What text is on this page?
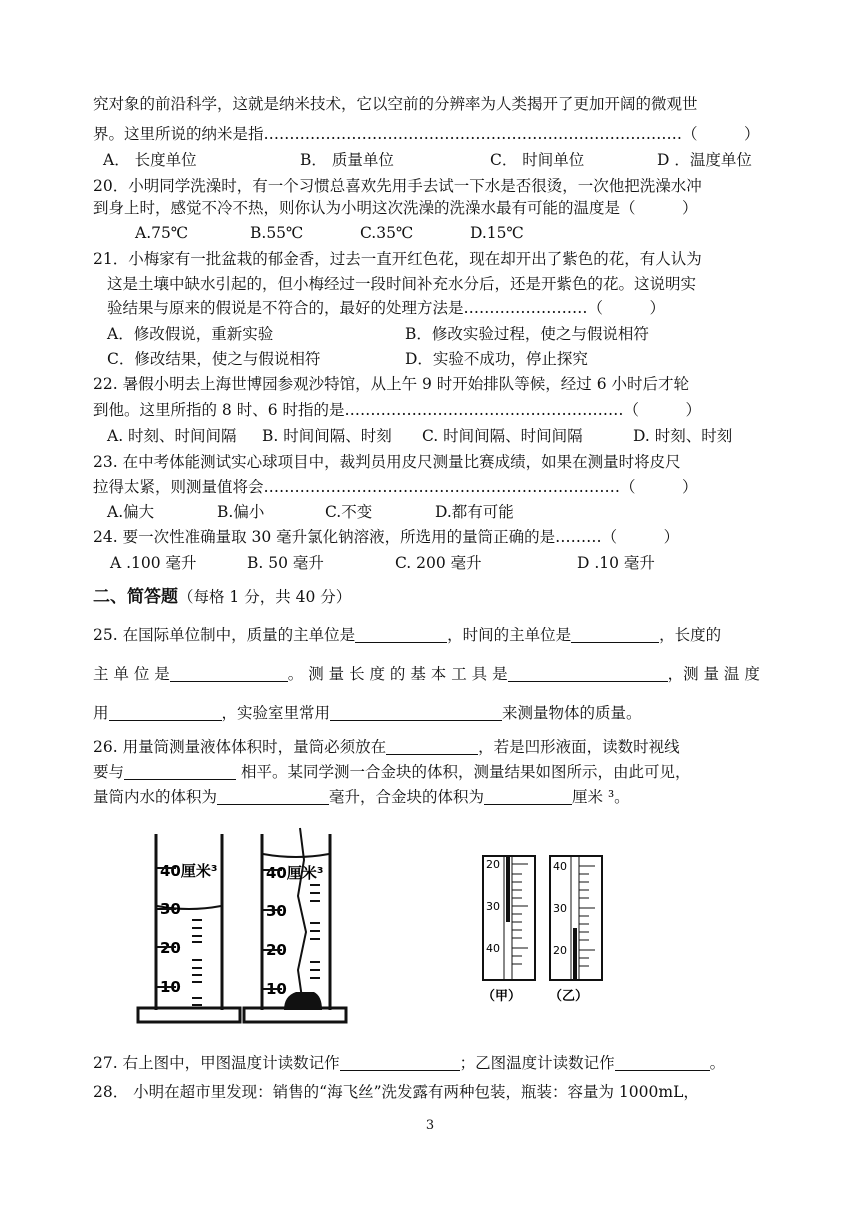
究对象的前沿科学，这就是纳米技术，它以空前的分辨率为人类揭开了更加开阔的微观世
界。这里所说的纳米是指………………………………………………………………………（　　　）
A． 长度单位	B． 质量单位	C． 时间单位	D ．温度单位
20．小明同学洗澡时，有一个习惯总喜欢先用手去试一下水是否很烫，一次他把洗澡水冲
到身上时，感觉不冷不热，则你认为小明这次洗澡的洗澡水最有可能的温度是（　　　）
A.75℃	B.55℃	C.35℃	D.15℃
21．小梅家有一批盆栽的郁金香，过去一直开红色花，现在却开出了紫色的花，有人认为
这是土壤中缺水引起的，但小梅经过一段时间补充水分后，还是开紫色的花。这说明实
验结果与原来的假说是不符合的，最好的处理方法是……………………（　　　）
A．修改假说，重新实验	B．修改实验过程，使之与假说相符
C．修改结果，使之与假说相符	D．实验不成功，停止探究
22. 暑假小明去上海世博园参观沙特馆，从上午 9 时开始排队等候，经过 6 小时后才轮
到他。这里所指的 8 时、6 时指的是………………………………………………（　　　）
A. 时刻、时间间隔 B. 时间间隔、时刻 C. 时间间隔、时间间隔	D. 时刻、时刻
23. 在中考体能测试实心球项目中，裁判员用皮尺测量比赛成绩，如果在测量时将皮尺
拉得太紧，则测量值将会……………………………………………………………（　　　）
A.偏大	B.偏小	C.不变	D.都有可能
24. 要一次性准确量取 30 毫升氯化钠溶液，所选用的量筒正确的是………（　　　）
A .100 毫升	B. 50 毫升	C. 200 毫升	D .10 毫升
二、简答题（每格 1 分，共 40 分）
25. 在国际单位制中，质量的主单位是	，时间的主单位是	，长度的
主 单 位 是	。 测 量 长 度 的 基 本 工 具 是	，测 量 温 度
用	，实验室里常用	来测量物体的质量。
26. 用量筒测量液体体积时，量筒必须放在	，若是凹形液面，读数时视线
要与	相平。某同学测一合金块的体积，测量结果如图所示，由此可见，
量筒内水的体积为	毫升，合金块的体积为	厘米 ³。
40厘米³
30
20
10
40厘米³
30
20
10
20
30
40
（甲）
40
30
20
（乙）
27. 右上图中，甲图温度计读数记作	；乙图温度计读数记作	。
28． 小明在超市里发现：销售的“海飞丝”洗发露有两种包装，瓶装：容量为 1000mL，
3
